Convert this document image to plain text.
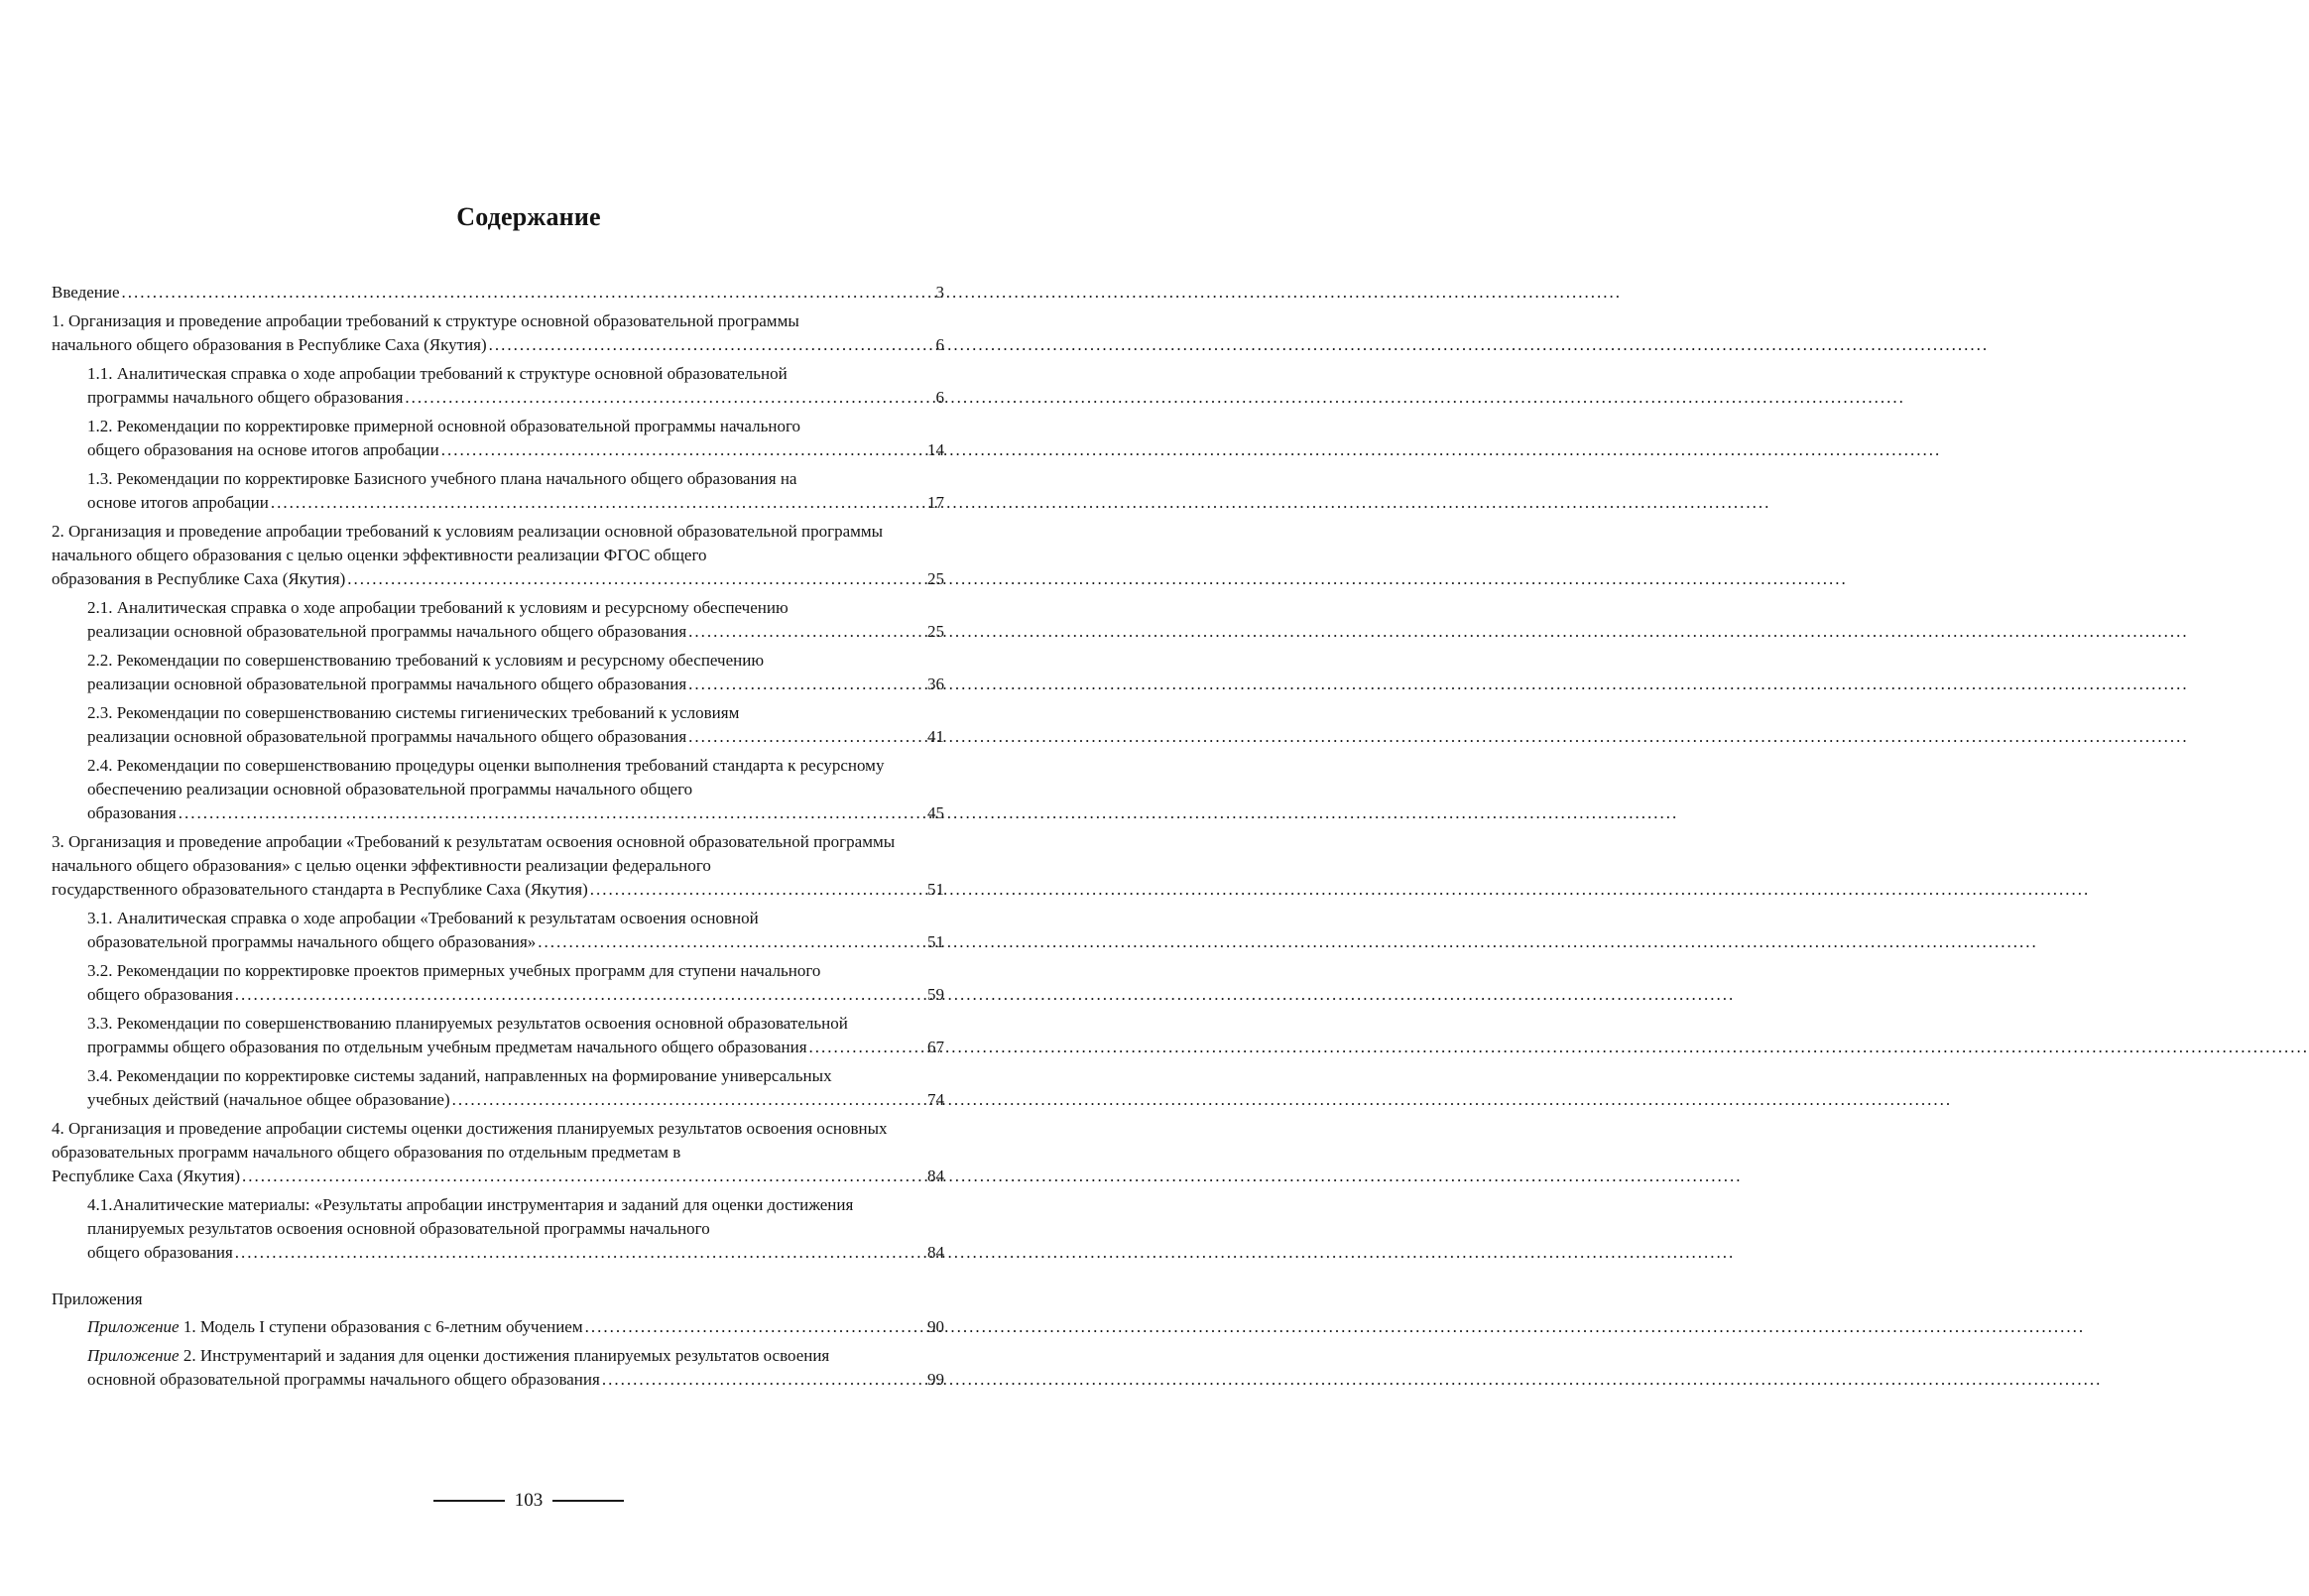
Содержание
Введение .....	3
1. Организация и проведение апробации требований к структуре основной образовательной программы
начального общего образования в Республике Саха (Якутия) .....	6
1.1. Аналитическая справка о ходе апробации требований к структуре основной образовательной
программы начального общего образования .....	6
1.2. Рекомендации по корректировке примерной основной образовательной программы начального
общего образования на основе итогов апробации .....	14
1.3. Рекомендации по корректировке Базисного учебного плана начального общего образования на
основе итогов апробации .....	17
2. Организация и проведение апробации требований к условиям реализации основной образовательной программы начального общего образования с целью оценки эффективности реализации ФГОС общего
образования в Республике Саха (Якутия) .....	25
2.1. Аналитическая справка о ходе апробации требований к условиям и ресурсному обеспечению
реализации основной образовательной программы начального общего образования .....	25
2.2. Рекомендации по совершенствованию требований к условиям и ресурсному обеспечению
реализации основной образовательной программы начального общего образования .....	36
2.3. Рекомендации по совершенствованию системы гигиенических требований к условиям
реализации основной образовательной программы начального общего образования .....	41
2.4. Рекомендации по совершенствованию процедуры оценки выполнения требований стандарта к ресурсному обеспечению реализации основной образовательной программы начального общего
образования .....	45
3. Организация и проведение апробации «Требований к результатам освоения основной образовательной программы начального общего образования» с целью оценки эффективности реализации федерального
государственного образовательного стандарта в Республике Саха (Якутия) .....	51
3.1. Аналитическая справка о ходе апробации «Требований к результатам освоения основной
образовательной программы начального общего образования» .....	51
3.2. Рекомендации по корректировке проектов примерных учебных программ для ступени начального
общего образования .....	59
3.3. Рекомендации по совершенствованию планируемых результатов освоения основной образовательной
программы общего образования по отдельным учебным предметам начального общего образования .....	67
3.4. Рекомендации по корректировке системы заданий, направленных на формирование универсальных
учебных действий (начальное общее образование) .....	74
4. Организация и проведение апробации системы оценки достижения планируемых результатов освоения основных образовательных программ начального общего образования по отдельным предметам в
Республике Саха (Якутия) .....	84
4.1.Аналитические материалы: «Результаты апробации инструментария и заданий для оценки достижения планируемых результатов освоения основной образовательной программы начального
общего образования .....	84
Приложения
Приложение 1. Модель I ступени образования с 6-летним обучением .....	90
Приложение 2. Инструментарий и задания для оценки достижения планируемых результатов освоения
основной образовательной программы начального общего образования .....	99
103
